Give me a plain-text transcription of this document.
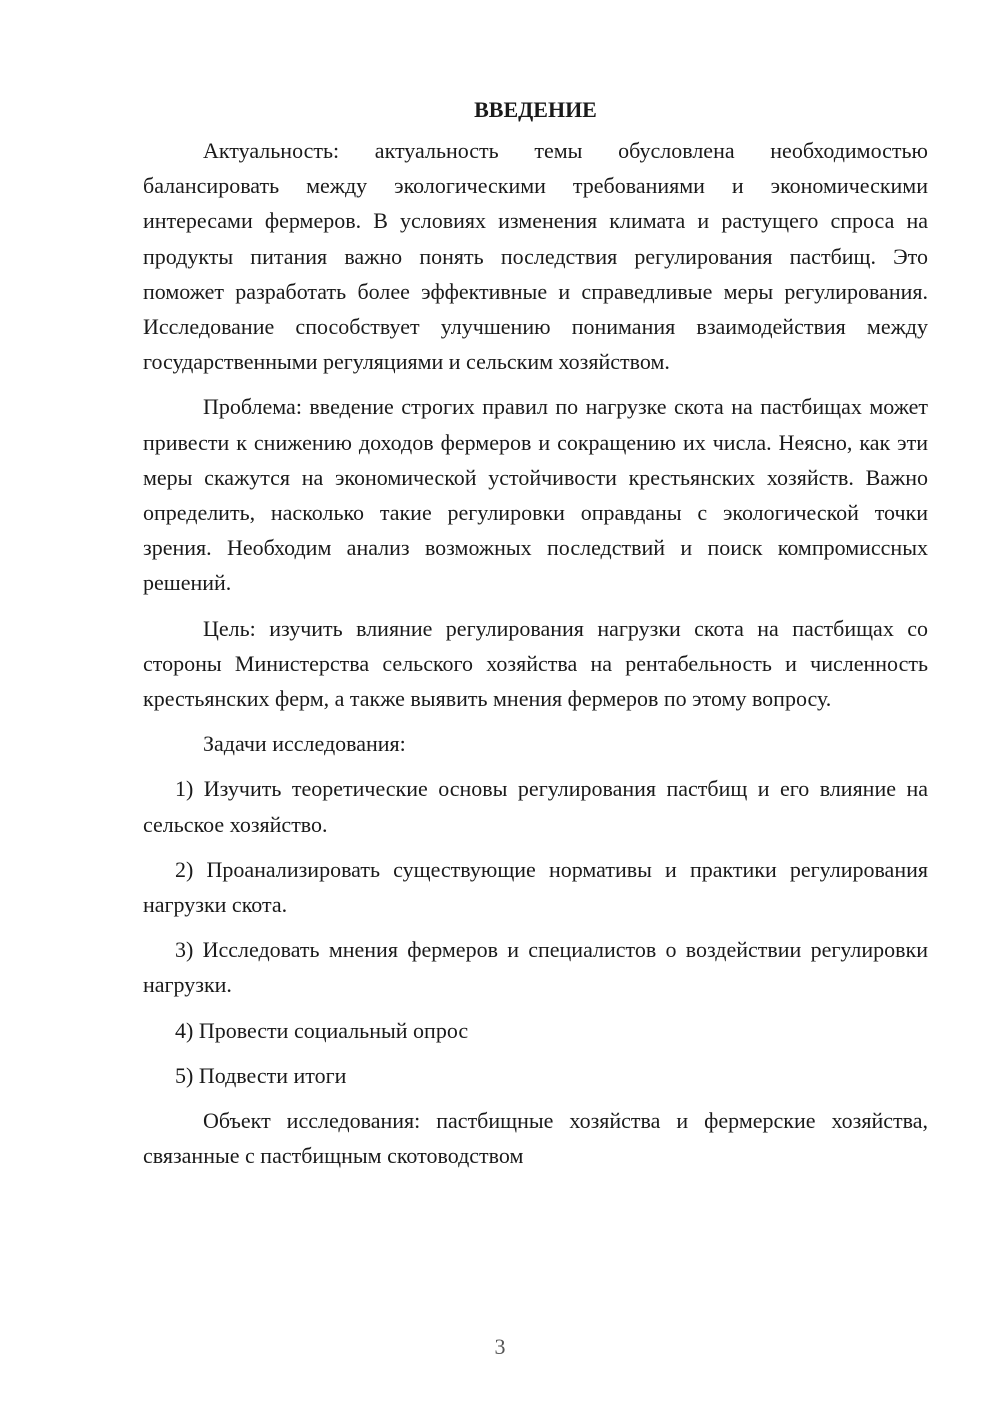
ВВЕДЕНИЕ

Актуальность: актуальность темы обусловлена необходимостью балансировать между экологическими требованиями и экономическими интересами фермеров. В условиях изменения климата и растущего спроса на продукты питания важно понять последствия регулирования пастбищ. Это поможет разработать более эффективные и справедливые меры регулирования. Исследование способствует улучшению понимания взаимодействия между государственными регуляциями и сельским хозяйством.

Проблема: введение строгих правил по нагрузке скота на пастбищах может привести к снижению доходов фермеров и сокращению их числа. Неясно, как эти меры скажутся на экономической устойчивости крестьянских хозяйств. Важно определить, насколько такие регулировки оправданы с экологической точки зрения. Необходим анализ возможных последствий и поиск компромиссных решений.

Цель: изучить влияние регулирования нагрузки скота на пастбищах со стороны Министерства сельского хозяйства на рентабельность и численность крестьянских ферм, а также выявить мнения фермеров по этому вопросу.

Задачи исследования:

1) Изучить теоретические основы регулирования пастбищ и его влияние на сельское хозяйство.

2) Проанализировать существующие нормативы и практики регулирования нагрузки скота.

3) Исследовать мнения фермеров и специалистов о воздействии регулировки нагрузки.

4) Провести социальный опрос

5) Подвести итоги

Объект исследования: пастбищные хозяйства и фермерские хозяйства, связанные с пастбищным скотоводством

3
